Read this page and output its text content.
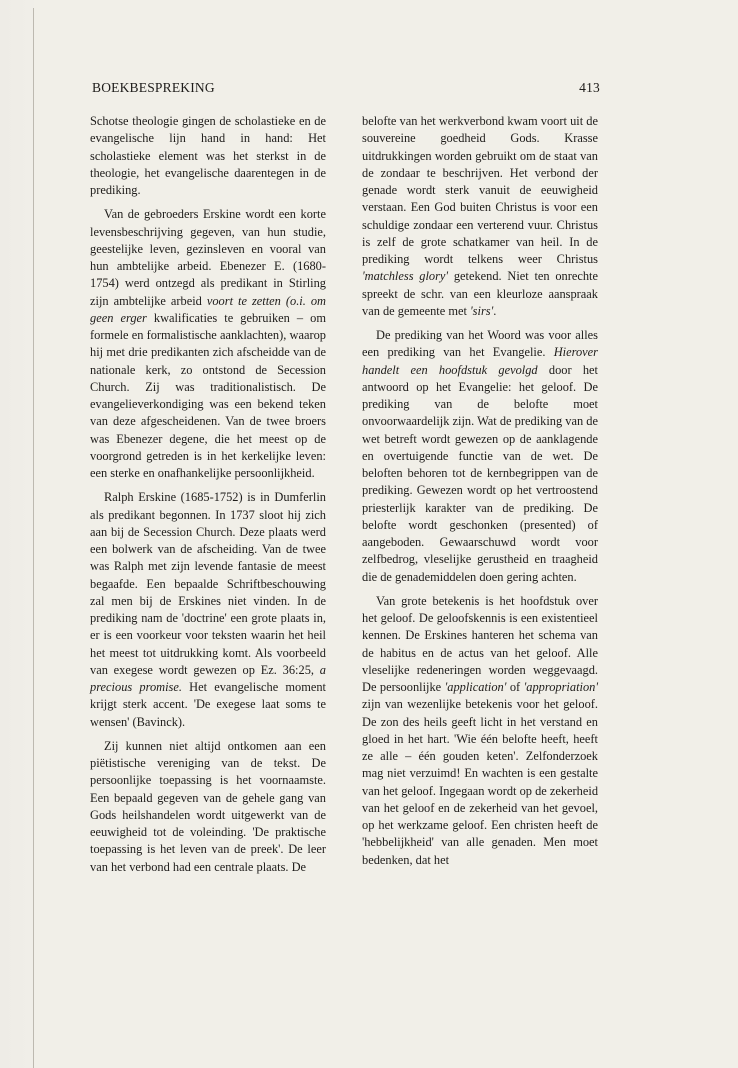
BOEKBESPREKING	413

Schotse theologie gingen de scholastieke en de evangelische lijn hand in hand: Het scholastieke element was het sterkst in de theologie, het evangelische daarentegen in de prediking.

Van de gebroeders Erskine wordt een korte levensbeschrijving gegeven, van hun studie, geestelijke leven, gezinsleven en vooral van hun ambtelijke arbeid. Ebenezer E. (1680-1754) werd ontzegd als predikant in Stirling zijn ambtelijke arbeid voort te zetten (o.i. om geen erger kwalificaties te gebruiken – om formele en formalistische aanklachten), waarop hij met drie predikanten zich afscheidde van de nationale kerk, zo ontstond de Secession Church. Zij was traditionalistisch. De evangelieverkondiging was een bekend teken van deze afgescheidenen. Van de twee broers was Ebenezer degene, die het meest op de voorgrond getreden is in het kerkelijke leven: een sterke en onafhankelijke persoonlijkheid.

Ralph Erskine (1685-1752) is in Dumferlin als predikant begonnen. In 1737 sloot hij zich aan bij de Secession Church. Deze plaats werd een bolwerk van de afscheiding. Van de twee was Ralph met zijn levende fantasie de meest begaafde. Een bepaalde Schriftbeschouwing zal men bij de Erskines niet vinden. In de prediking nam de 'doctrine' een grote plaats in, er is een voorkeur voor teksten waarin het heil het meest tot uitdrukking komt. Als voorbeeld van exegese wordt gewezen op Ez. 36:25, a precious promise. Het evangelische moment krijgt sterk accent. 'De exegese laat soms te wensen' (Bavinck).

Zij kunnen niet altijd ontkomen aan een piëtistische vereniging van de tekst. De persoonlijke toepassing is het voornaamste. Een bepaald gegeven van de gehele gang van Gods heilshandelen wordt uitgewerkt van de eeuwigheid tot de voleinding. 'De praktische toepassing is het leven van de preek'. De leer van het verbond had een centrale plaats. De

belofte van het werkverbond kwam voort uit de souvereine goedheid Gods. Krasse uitdrukkingen worden gebruikt om de staat van de zondaar te beschrijven. Het verbond der genade wordt sterk vanuit de eeuwigheid verstaan. Een God buiten Christus is voor een schuldige zondaar een verterend vuur. Christus is zelf de grote schatkamer van heil. In de prediking wordt telkens weer Christus 'matchless glory' getekend. Niet ten onrechte spreekt de schr. van een kleurloze aanspraak van de gemeente met 'sirs'.

De prediking van het Woord was voor alles een prediking van het Evangelie. Hierover handelt een hoofdstuk gevolgd door het antwoord op het Evangelie: het geloof. De prediking van de belofte moet onvoorwaardelijk zijn. Wat de prediking van de wet betreft wordt gewezen op de aanklagende en overtuigende functie van de wet. De beloften behoren tot de kernbegrippen van de prediking. Gewezen wordt op het vertroostend priesterlijk karakter van de prediking. De belofte wordt geschonken (presented) of aangeboden. Gewaarschuwd wordt voor zelfbedrog, vleselijke gerustheid en traagheid die de genademiddelen doen gering achten.

Van grote betekenis is het hoofdstuk over het geloof. De geloofskennis is een existentieel kennen. De Erskines hanteren het schema van de habitus en de actus van het geloof. Alle vleselijke redeneringen worden weggevaagd. De persoonlijke 'application' of 'appropriation' zijn van wezenlijke betekenis voor het geloof. De zon des heils geeft licht in het verstand en gloed in het hart. 'Wie één belofte heeft, heeft ze alle – één gouden keten'. Zelfonderzoek mag niet verzuimd! En wachten is een gestalte van het geloof. Ingegaan wordt op de zekerheid van het geloof en de zekerheid van het gevoel, op het werkzame geloof. Een christen heeft de 'hebbelijkheid' van alle genaden. Men moet bedenken, dat het
